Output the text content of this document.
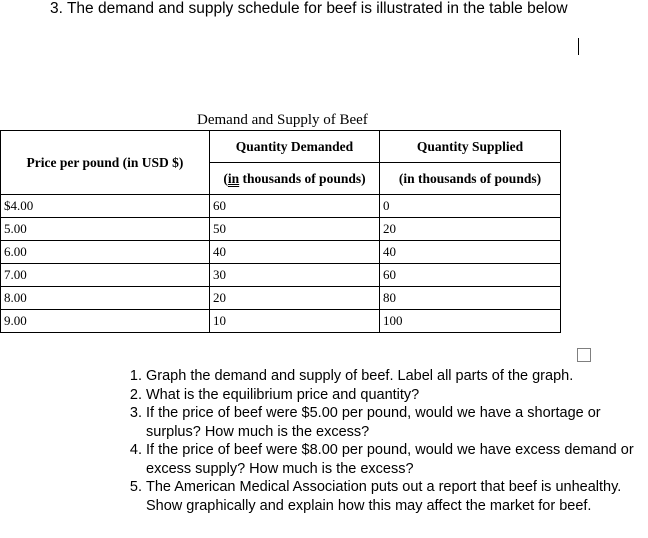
3. The demand and supply schedule for beef is illustrated in the table below
Demand and Supply of Beef
Price per pound (in USD $)	Quantity Demanded	Quantity Supplied
	(in thousands of pounds)	(in thousands of pounds)
$4.00	60	0
5.00	50	20
6.00	40	40
7.00	30	60
8.00	20	80
9.00	10	100
1. Graph the demand and supply of beef. Label all parts of the graph.
2. What is the equilibrium price and quantity?
3. If the price of beef were $5.00 per pound, would we have a shortage or surplus? How much is the excess?
4. If the price of beef were $8.00 per pound, would we have excess demand or excess supply? How much is the excess?
5. The American Medical Association puts out a report that beef is unhealthy. Show graphically and explain how this may affect the market for beef.
